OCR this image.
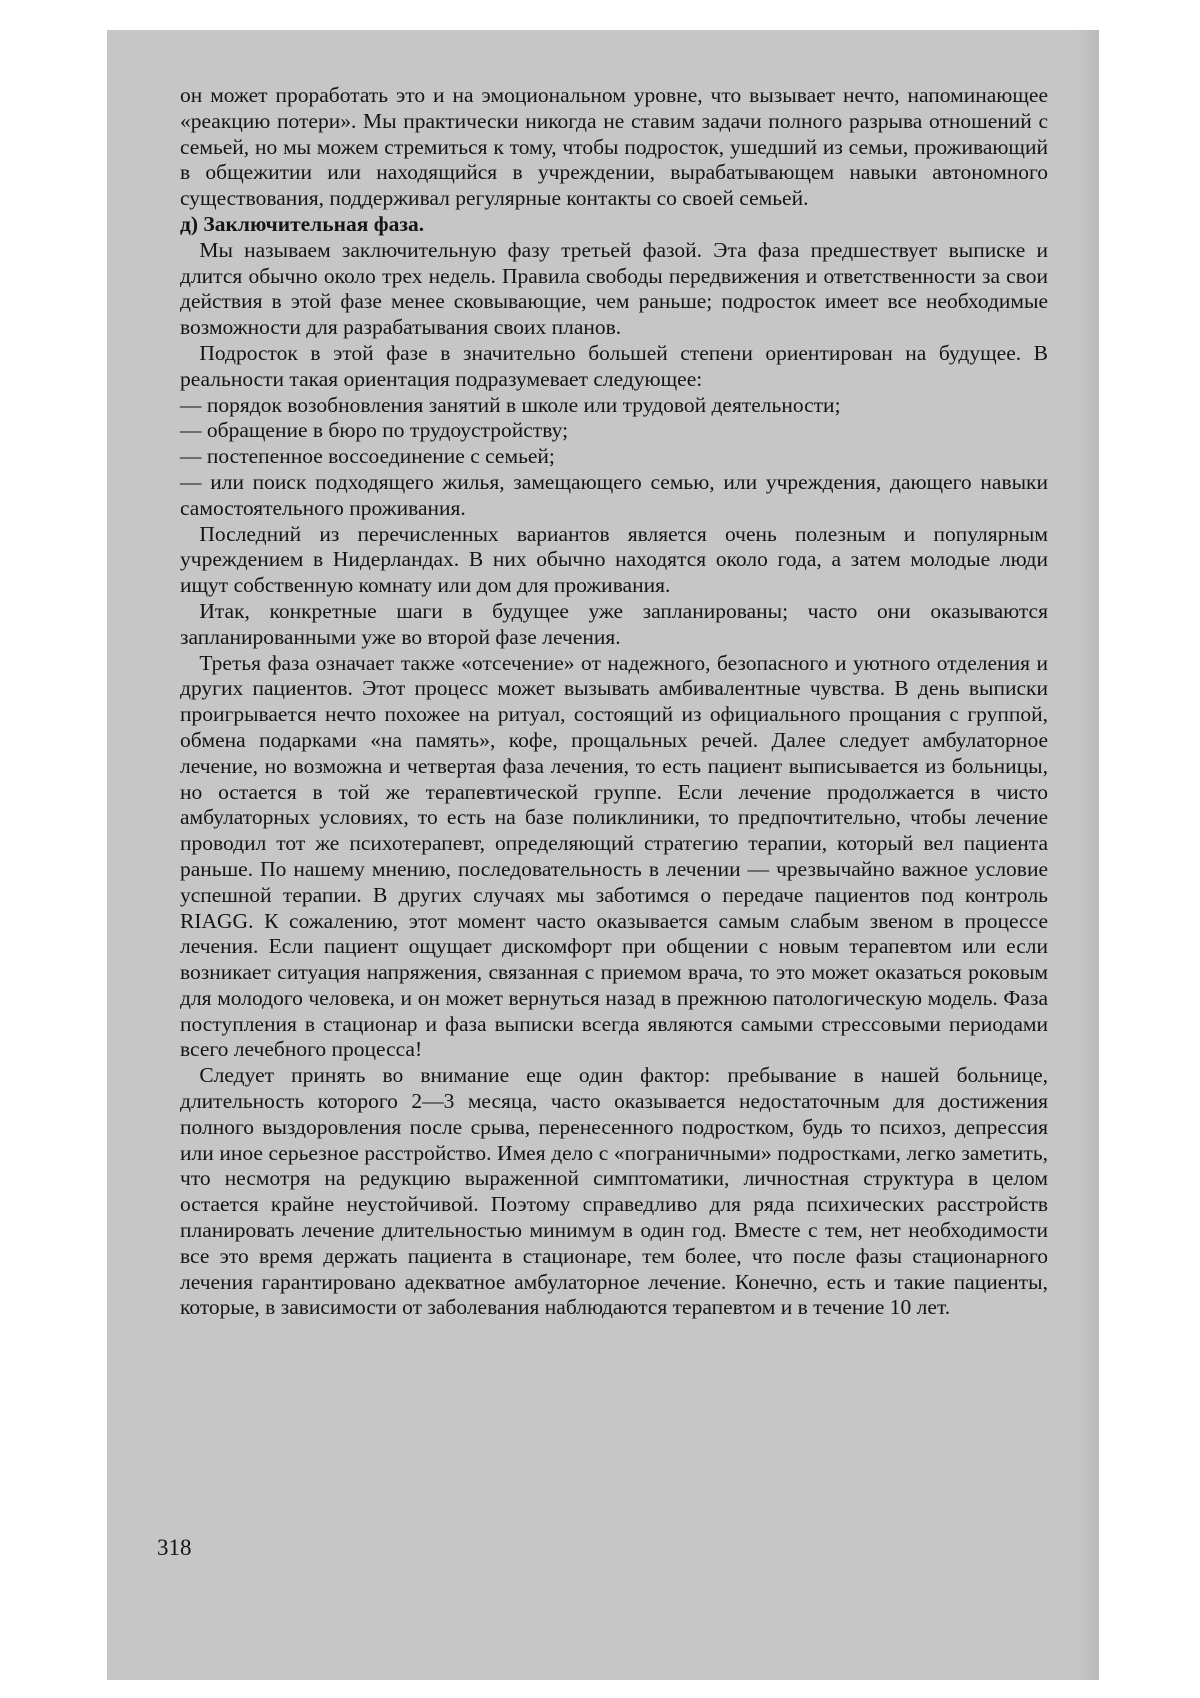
он может проработать это и на эмоциональном уровне, что вызывает нечто, напоминающее «реакцию потери». Мы практически никогда не ставим задачи полного разрыва отношений с семьей, но мы можем стремиться к тому, чтобы подросток, ушедший из семьи, проживающий в общежитии или находящийся в учреждении, вырабатывающем навыки автономного существования, поддерживал регулярные контакты со своей семьей.

д) Заключительная фаза.

Мы называем заключительную фазу третьей фазой. Эта фаза предшествует выписке и длится обычно около трех недель. Правила свободы передвижения и ответственности за свои действия в этой фазе менее сковывающие, чем раньше; подросток имеет все необходимые возможности для разрабатывания своих планов.

Подросток в этой фазе в значительно большей степени ориентирован на будущее. В реальности такая ориентация подразумевает следующее:

— порядок возобновления занятий в школе или трудовой деятельности;

— обращение в бюро по трудоустройству;

— постепенное воссоединение с семьей;

— или поиск подходящего жилья, замещающего семью, или учреждения, дающего навыки самостоятельного проживания.

Последний из перечисленных вариантов является очень полезным и популярным учреждением в Нидерландах. В них обычно находятся около года, а затем молодые люди ищут собственную комнату или дом для проживания.

Итак, конкретные шаги в будущее уже запланированы; часто они оказываются запланированными уже во второй фазе лечения.

Третья фаза означает также «отсечение» от надежного, безопасного и уютного отделения и других пациентов. Этот процесс может вызывать амбивалентные чувства. В день выписки проигрывается нечто похожее на ритуал, состоящий из официального прощания с группой, обмена подарками «на память», кофе, прощальных речей. Далее следует амбулаторное лечение, но возможна и четвертая фаза лечения, то есть пациент выписывается из больницы, но остается в той же терапевтической группе. Если лечение продолжается в чисто амбулаторных условиях, то есть на базе поликлиники, то предпочтительно, чтобы лечение проводил тот же психотерапевт, определяющий стратегию терапии, который вел пациента раньше. По нашему мнению, последовательность в лечении — чрезвычайно важное условие успешной терапии. В других случаях мы заботимся о передаче пациентов под контроль RIAGG. К сожалению, этот момент часто оказывается самым слабым звеном в процессе лечения. Если пациент ощущает дискомфорт при общении с новым терапевтом или если возникает ситуация напряжения, связанная с приемом врача, то это может оказаться роковым для молодого человека, и он может вернуться назад в прежнюю патологическую модель. Фаза поступления в стационар и фаза выписки всегда являются самыми стрессовыми периодами всего лечебного процесса!

Следует принять во внимание еще один фактор: пребывание в нашей больнице, длительность которого 2—3 месяца, часто оказывается недостаточным для достижения полного выздоровления после срыва, перенесенного подростком, будь то психоз, депрессия или иное серьезное расстройство. Имея дело с «пограничными» подростками, легко заметить, что несмотря на редукцию выраженной симптоматики, личностная структура в целом остается крайне неустойчивой. Поэтому справедливо для ряда психических расстройств планировать лечение длительностью минимум в один год. Вместе с тем, нет необходимости все это время держать пациента в стационаре, тем более, что после фазы стационарного лечения гарантировано адекватное амбулаторное лечение. Конечно, есть и такие пациенты, которые, в зависимости от заболевания наблюдаются терапевтом и в течение 10 лет.

318
